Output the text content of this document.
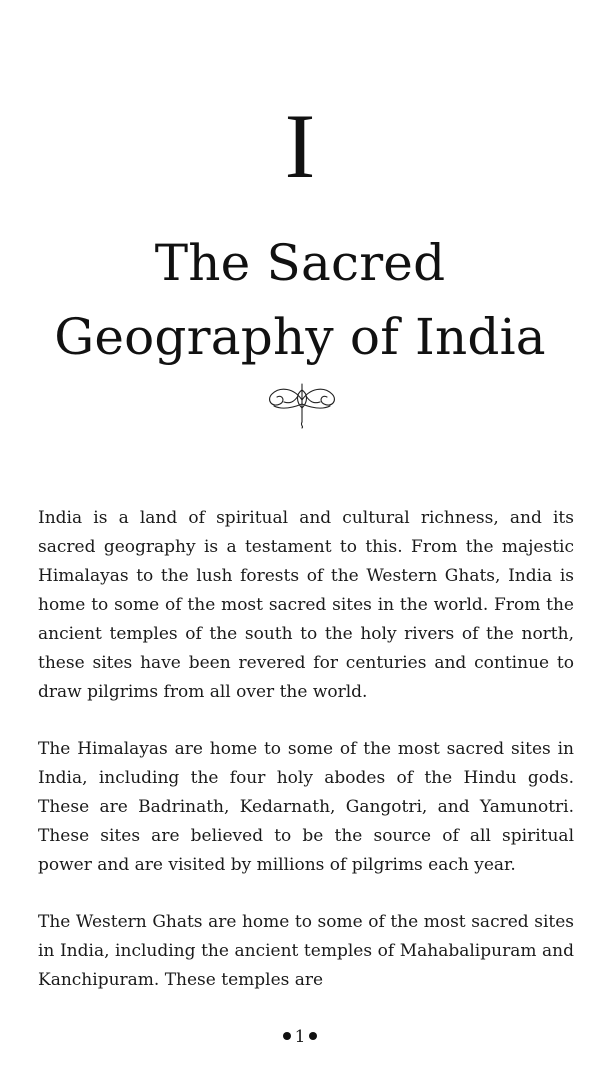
I
The Sacred
Geography of India

India is a land of spiritual and cultural richness, and its sacred geography is a testament to this. From the majestic Himalayas to the lush forests of the Western Ghats, India is home to some of the most sacred sites in the world. From the ancient temples of the south to the holy rivers of the north, these sites have been revered for centuries and continue to draw pilgrims from all over the world.

The Himalayas are home to some of the most sacred sites in India, including the four holy abodes of the Hindu gods. These are Badrinath, Kedarnath, Gangotri, and Yamunotri. These sites are believed to be the source of all spiritual power and are visited by millions of pilgrims each year.

The Western Ghats are home to some of the most sacred sites in India, including the ancient temples of Mahabalipuram and Kanchipuram. These temples are

1
